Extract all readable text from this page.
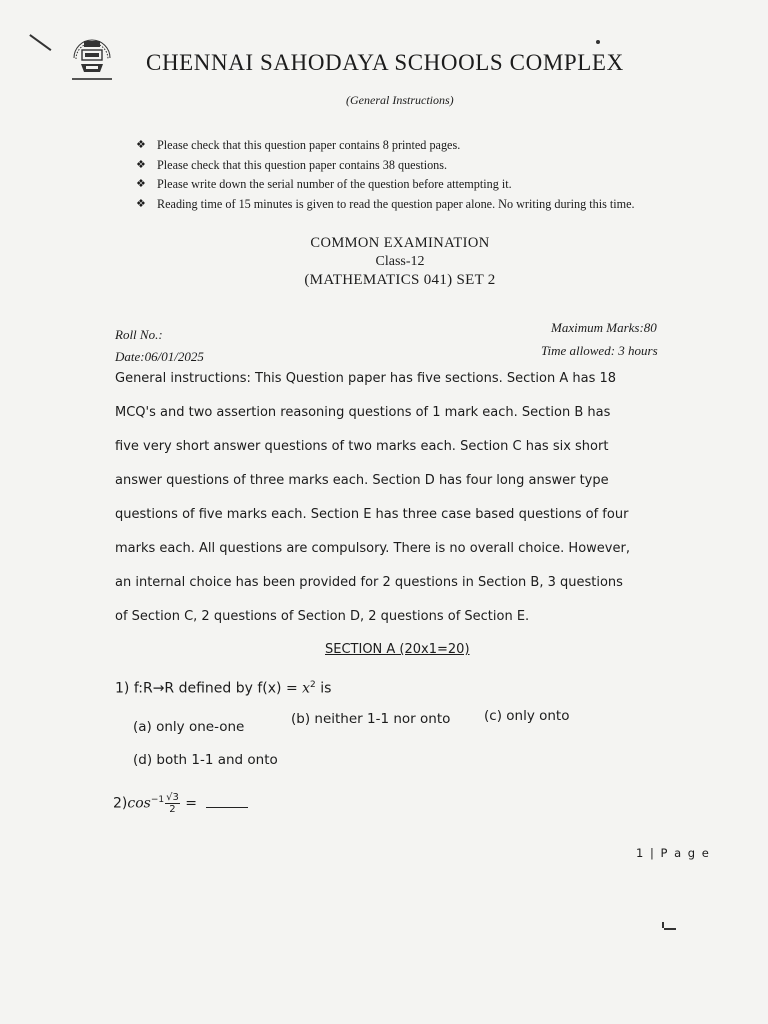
CHENNAI SAHODAYA SCHOOLS COMPLEX
(General Instructions)
❖ Please check that this question paper contains 8 printed pages.
❖ Please check that this question paper contains 38 questions.
❖ Please write down the serial number of the question before attempting it.
❖ Reading time of 15 minutes is given to read the question paper alone. No writing during this time.
COMMON EXAMINATION
Class-12
(MATHEMATICS 041) SET 2
Roll No.:
Date:06/01/2025
Maximum Marks:80
Time allowed: 3 hours
General instructions: This Question paper has five sections. Section A has 18
MCQ's and two assertion reasoning questions of 1 mark each. Section B has
five very short answer questions of two marks each. Section C has six short
answer questions of three marks each. Section D has four long answer type
questions of five marks each. Section E has three case based questions of four
marks each. All questions are compulsory. There is no overall choice. However,
an internal choice has been provided for 2 questions in Section B, 3 questions
of Section C, 2 questions of Section D, 2 questions of Section E.
SECTION A (20x1=20)
1) f:R→R defined by $f(x) = x^2$ is
(a) only one-one	(b) neither 1-1 nor onto (c) only onto
(d) both 1-1 and onto
$2)\cos^{-1} \frac{√3}{2}$ =
1 | P a g e
